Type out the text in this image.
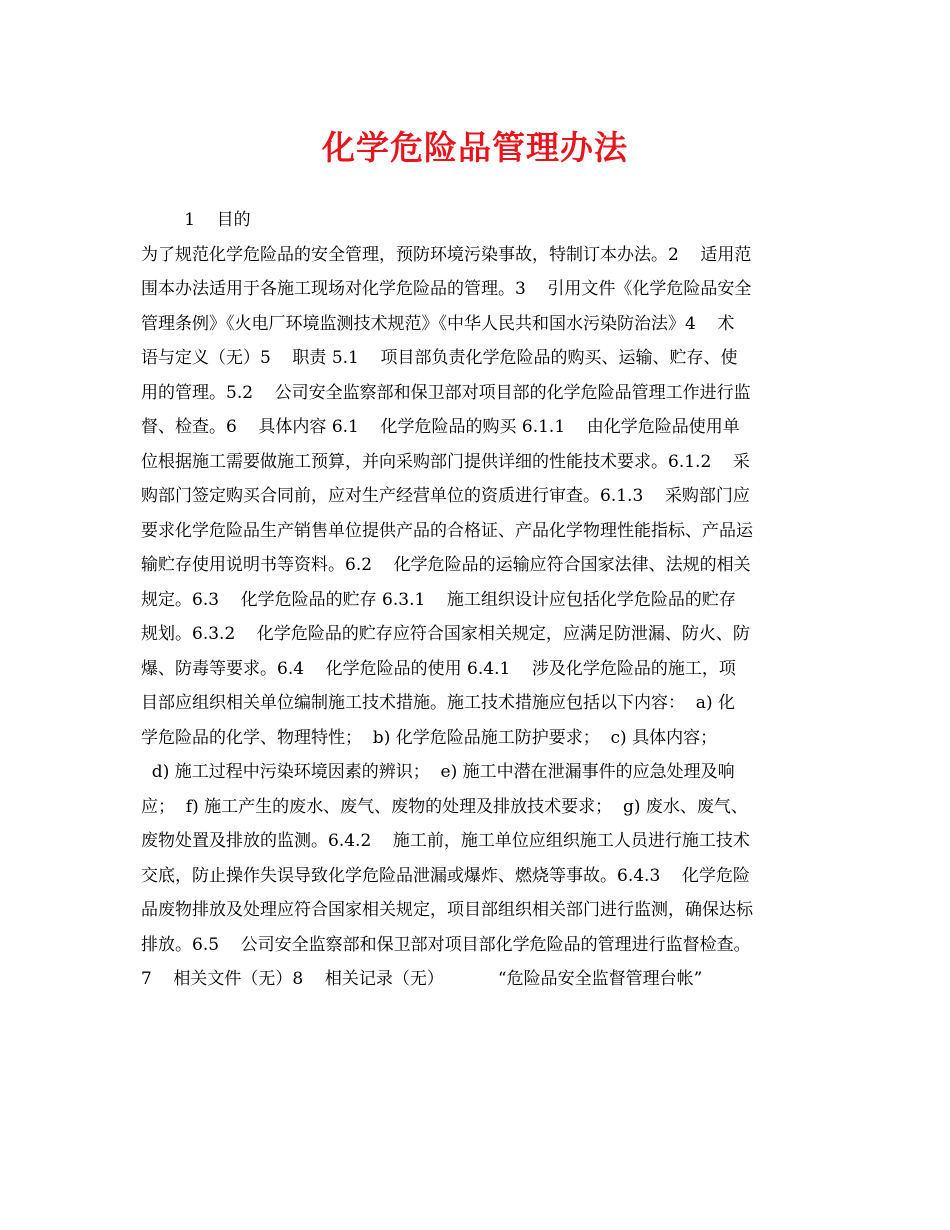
化学危险品管理办法
1    目的
为了规范化学危险品的安全管理，预防环境污染事故，特制订本办法。2    适用范
围本办法适用于各施工现场对化学危险品的管理。3    引用文件《化学危险品安全
管理条例》《火电厂环境监测技术规范》《中华人民共和国水污染防治法》4    术
语与定义（无）5    职责 5.1    项目部负责化学危险品的购买、运输、贮存、使
用的管理。5.2    公司安全监察部和保卫部对项目部的化学危险品管理工作进行监
督、检查。6    具体内容 6.1    化学危险品的购买 6.1.1    由化学危险品使用单
位根据施工需要做施工预算，并向采购部门提供详细的性能技术要求。6.1.2    采
购部门签定购买合同前，应对生产经营单位的资质进行审查。6.1.3    采购部门应
要求化学危险品生产销售单位提供产品的合格证、产品化学物理性能指标、产品运
输贮存使用说明书等资料。6.2    化学危险品的运输应符合国家法律、法规的相关
规定。6.3    化学危险品的贮存 6.3.1    施工组织设计应包括化学危险品的贮存
规划。6.3.2    化学危险品的贮存应符合国家相关规定，应满足防泄漏、防火、防
爆、防毒等要求。6.4    化学危险品的使用 6.4.1    涉及化学危险品的施工，项
目部应组织相关单位编制施工技术措施。施工技术措施应包括以下内容：  a) 化
学危险品的化学、物理特性；  b) 化学危险品施工防护要求；  c) 具体内容；
d) 施工过程中污染环境因素的辨识；  e) 施工中潜在泄漏事件的应急处理及响
应；  f) 施工产生的废水、废气、废物的处理及排放技术要求；  g) 废水、废气、
废物处置及排放的监测。6.4.2    施工前，施工单位应组织施工人员进行施工技术
交底，防止操作失误导致化学危险品泄漏或爆炸、燃烧等事故。6.4.3    化学危险
品废物排放及处理应符合国家相关规定，项目部组织相关部门进行监测，确保达标
排放。6.5    公司安全监察部和保卫部对项目部化学危险品的管理进行监督检查。
7    相关文件（无）8    相关记录（无）          “危险品安全监督管理台帐”
